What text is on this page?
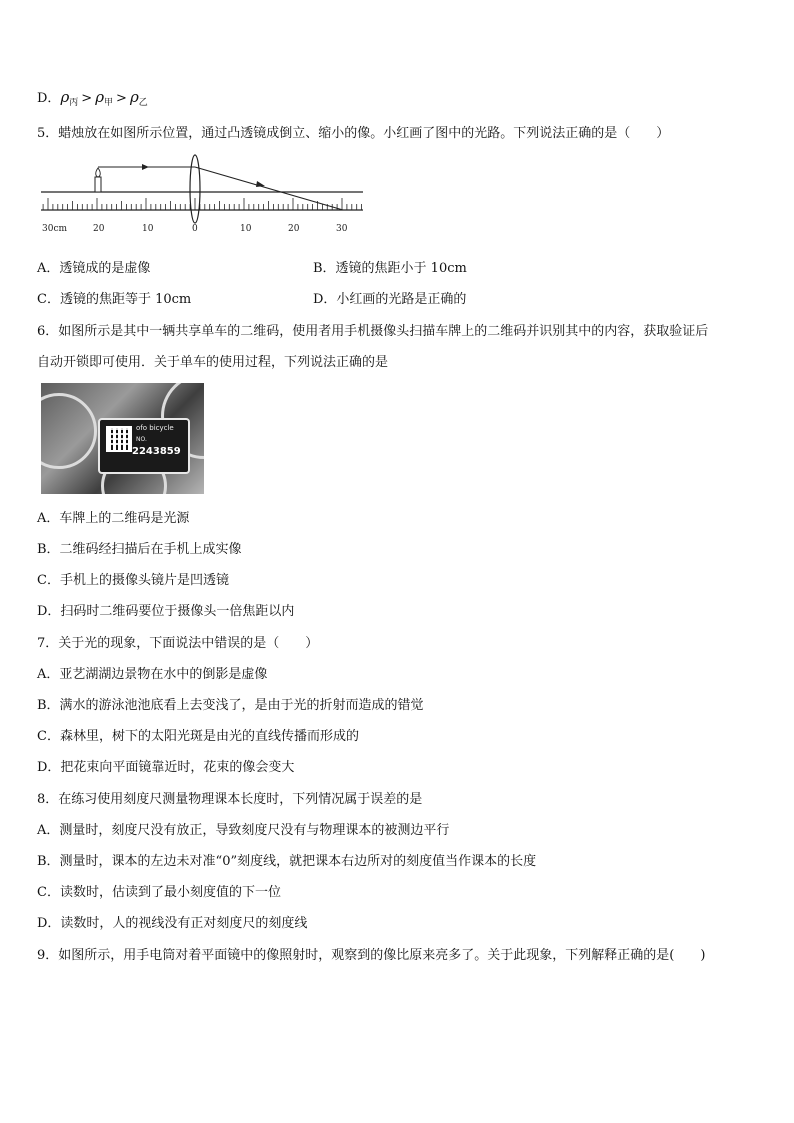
D．$\rho_丙 > \rho_甲 > \rho_乙$
5．蜡烛放在如图所示位置，通过凸透镜成倒立、缩小的像。小红画了图中的光路。下列说法正确的是（　　）
30cm	20	10	0	10	20	30
A．透镜成的是虚像	B．透镜的焦距小于 10cm
C．透镜的焦距等于 10cm	D．小红画的光路是正确的
6．如图所示是其中一辆共享单车的二维码，使用者用手机摄像头扫描车牌上的二维码并识别其中的内容，获取验证后
自动开锁即可使用．关于单车的使用过程，下列说法正确的是
ofo bicycle
NO.
2243859
A．车牌上的二维码是光源
B．二维码经扫描后在手机上成实像
C．手机上的摄像头镜片是凹透镜
D．扫码时二维码要位于摄像头一倍焦距以内
7．关于光的现象，下面说法中错误的是（　　）
A．亚艺湖湖边景物在水中的倒影是虚像
B．满水的游泳池池底看上去变浅了，是由于光的折射而造成的错觉
C．森林里，树下的太阳光斑是由光的直线传播而形成的
D．把花束向平面镜靠近时，花束的像会变大
8．在练习使用刻度尺测量物理课本长度时，下列情况属于误差的是
A．测量时，刻度尺没有放正，导致刻度尺没有与物理课本的被测边平行
B．测量时，课本的左边未对准“0”刻度线，就把课本右边所对的刻度值当作课本的长度
C．读数时，估读到了最小刻度值的下一位
D．读数时，人的视线没有正对刻度尺的刻度线
9．如图所示，用手电筒对着平面镜中的像照射时，观察到的像比原来亮多了。关于此现象，下列解释正确的是(　　)
